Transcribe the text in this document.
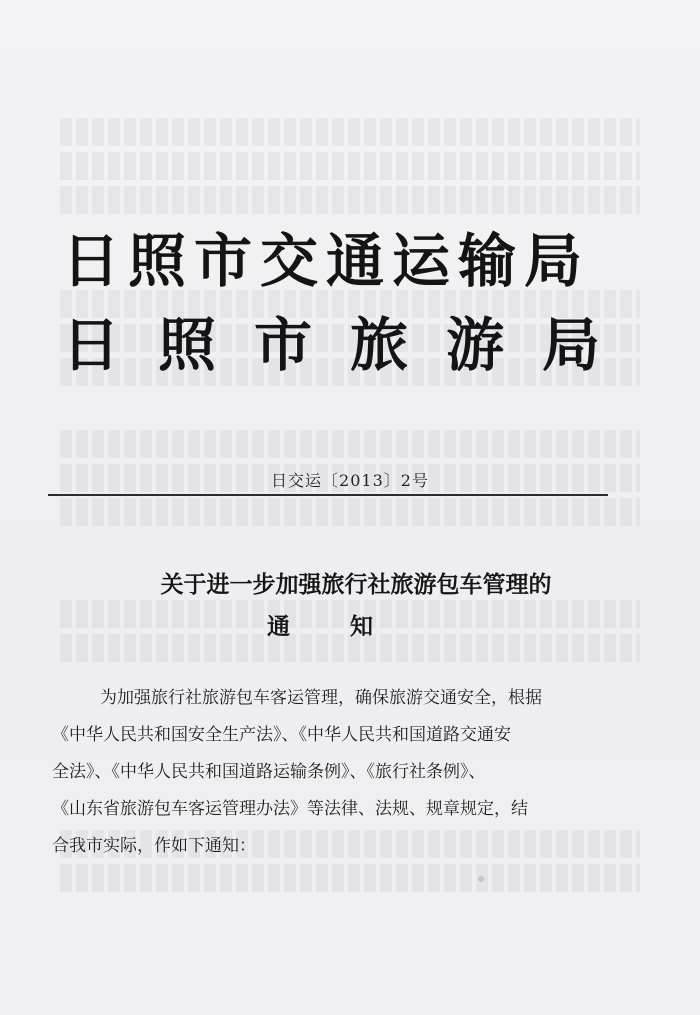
日照市交通运输局
日照市旅游局
日交运〔2013〕2号
关于进一步加强旅行社旅游包车管理的
通知
为加强旅行社旅游包车客运管理，确保旅游交通安全，根据
《中华人民共和国安全生产法》、《中华人民共和国道路交通安
全法》、《中华人民共和国道路运输条例》、《旅行社条例》、
《山东省旅游包车客运管理办法》等法律、法规、规章规定，结
合我市实际，作如下通知：
